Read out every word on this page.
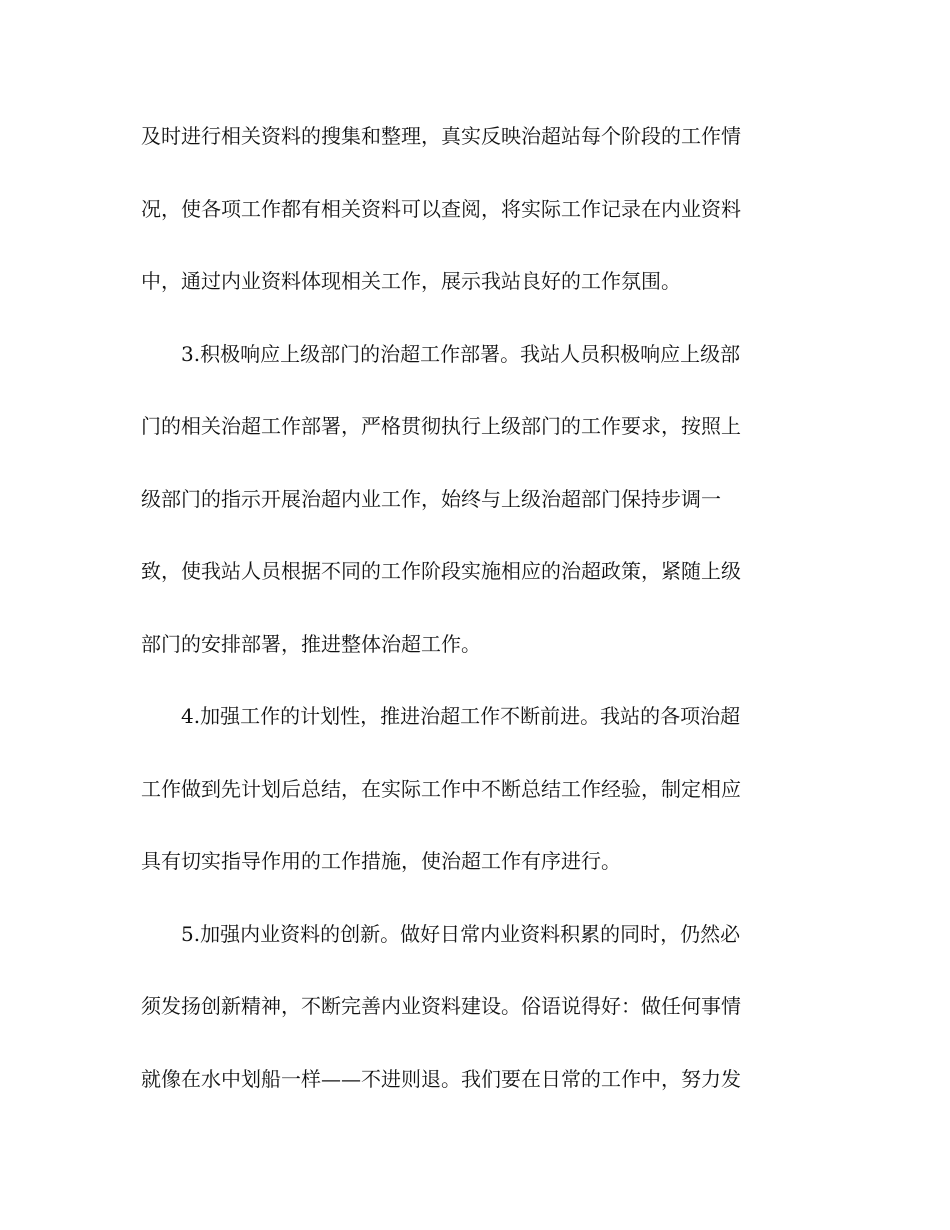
及时进行相关资料的搜集和整理，真实反映治超站每个阶段的工作情
况，使各项工作都有相关资料可以查阅，将实际工作记录在内业资料
中，通过内业资料体现相关工作，展示我站良好的工作氛围。
3.积极响应上级部门的治超工作部署。我站人员积极响应上级部
门的相关治超工作部署，严格贯彻执行上级部门的工作要求，按照上
级部门的指示开展治超内业工作，始终与上级治超部门保持步调一
致，使我站人员根据不同的工作阶段实施相应的治超政策，紧随上级
部门的安排部署，推进整体治超工作。
4.加强工作的计划性，推进治超工作不断前进。我站的各项治超
工作做到先计划后总结，在实际工作中不断总结工作经验，制定相应
具有切实指导作用的工作措施，使治超工作有序进行。
5.加强内业资料的创新。做好日常内业资料积累的同时，仍然必
须发扬创新精神，不断完善内业资料建设。俗语说得好：做任何事情
就像在水中划船一样——不进则退。我们要在日常的工作中，努力发
